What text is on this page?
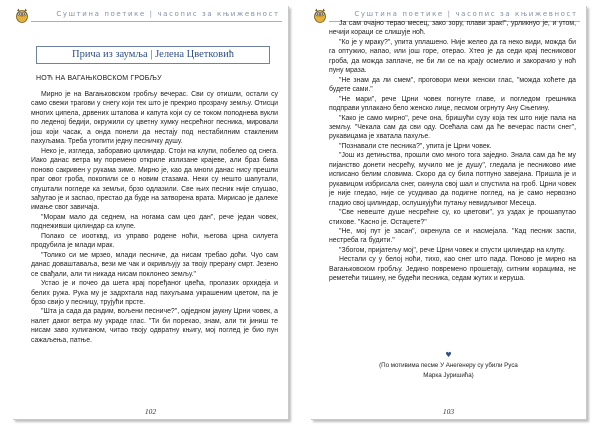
Суштина поетике | часопис за књижевност
Прича из заумља | Јелена Цветковић
НОЋ НА ВАГАЊКОВСКОМ ГРОБЉУ

Мирно је на Вагањковском гробљу вечерас. Сви су отишли, остали су само свежи трагови у снегу који тек што је прекрио прозрачу земљу. Отисци многих ципела, дрвених штапова и капута који су се током поподнева вукли по леденој бедији, окружили су цветну хумку несрећног песника, мировали још који часак, а онда понели да нестају под нестабилним стакленим пахуљама. Треба утопити једну песничку душу.

Неко је, изгледа, заборавио цилиндар. Стоји на клупи, побелео од снега. Иако данас ветра му поремено откриле излизане крајеве, али браз бива поново сакривен у рукама зиме. Мирно је, као да многи данас нису прешли праг овог гроба, покопили се о новим стазама. Неки су нешто шапутали, спуштали погледе ка земљи, брзо одлазили. Све њих песник није слушао, зађутао је и заспао, престао да буде на затворена врата. Мирисао је далеке имање свог завичаја.

"Морам мало да седнем, на ногама сам цео дан", рече један човек, поднеживши цилиндар са клупе.

Полако се иоотквд, из управо родене ноћи, његова црна силуета продубила је млади мрак.

"Толико си ме мрзео, млади песниче, да нисам требао доћи. Чуо сам данас доваштаваља, вези ме чак и окривљују за твоју прерану смрт. Језено се свађали, али ти никада нисам поклонео земљу."

Устао је и почео да шета крај поређаног цвећа, пролазих орхидеја и белих ружа. Рука му је задрхтала над пахуљама украшеним цветом, па је брзо свијо у песницу, трујући прсте.

"Шта ја сада да радим, вољени песниче?", одједном јаукну Црни човек, а налет даког ветра му украде глас. "Ти би порекао, знам, али ти јиниш те нисам заво хулиганом, читао твоју одвратну књигу, мој поглед је био пун сажаљења, патње.

102
Суштина поетике | часопис за књижевност

Ја сам очајно терао месец, зако зору, плави зрак!", урликнуо је, и утом, нечији кораци се слишује ноћ.

"Ко је у мраку?", упита уплашено. Није желео да га неко види, можда би га оптужио, напао, или још горе, отерао. Хтео је да седи крај песниковог гроба, да можда заплаче, не би ли се на крају осмелио и закорачио у ноћ пуну мраза.

"Не знам да ли смем", проговори меки женски глас, "можда хоћете да будете сами."

"Не мари", рече Црни човек погнуте главе, и погледом грешника подправи уплакано бело женско лице, песмом огрнуту Ану Сњегину.

"Како је само мирно", рече она, бришући сузу која тек што није пала на земљу. "Чекала сам да сви оду. Осећала сам да ће вечерас пасти снег", рукавицама је хватала пахуље.

"Познавали сте песника?", упита је Црни човек.

"Још из детињства, прошли смо много тога заједно. Знала сам да ће му пијанство донети несрећу, мучило ме је душу", гледала је песниково име исписано белим словима. Скоро да су била потпуно завејана. Пришла је и рукавицом избрисала снег, скинула свој шал и спустила на гроб. Црни човек је нијe гледао, није се усудивао да подигне поглед, на је само нервозно гладио свој цилиндар, ослушкујући путању невидљивог Месеца.

"Све невеште душе несрећне су, ко цветови", уз уздах је прошапутао стихове. "Касно је. Остаџете?"

"Не, мој пут је засан", окренула се и насмејала. "Кад песник заспи, нестреба га будити."

"Збогом, пријатељу мој", рече Црни човек и спусти цилиндар на клупу.

Нестали су у белој ноћи, тихо, као снег што пада. Поново је мирно на Вагањковском гробљу. Једино повремено прошетају, ситним корацима, не реметећи тишину, не будећи песника, седам жутих и керуша.

♥
(По мотивима песме У Анегенеру су убили Руса
Марка Јуришића)
103
